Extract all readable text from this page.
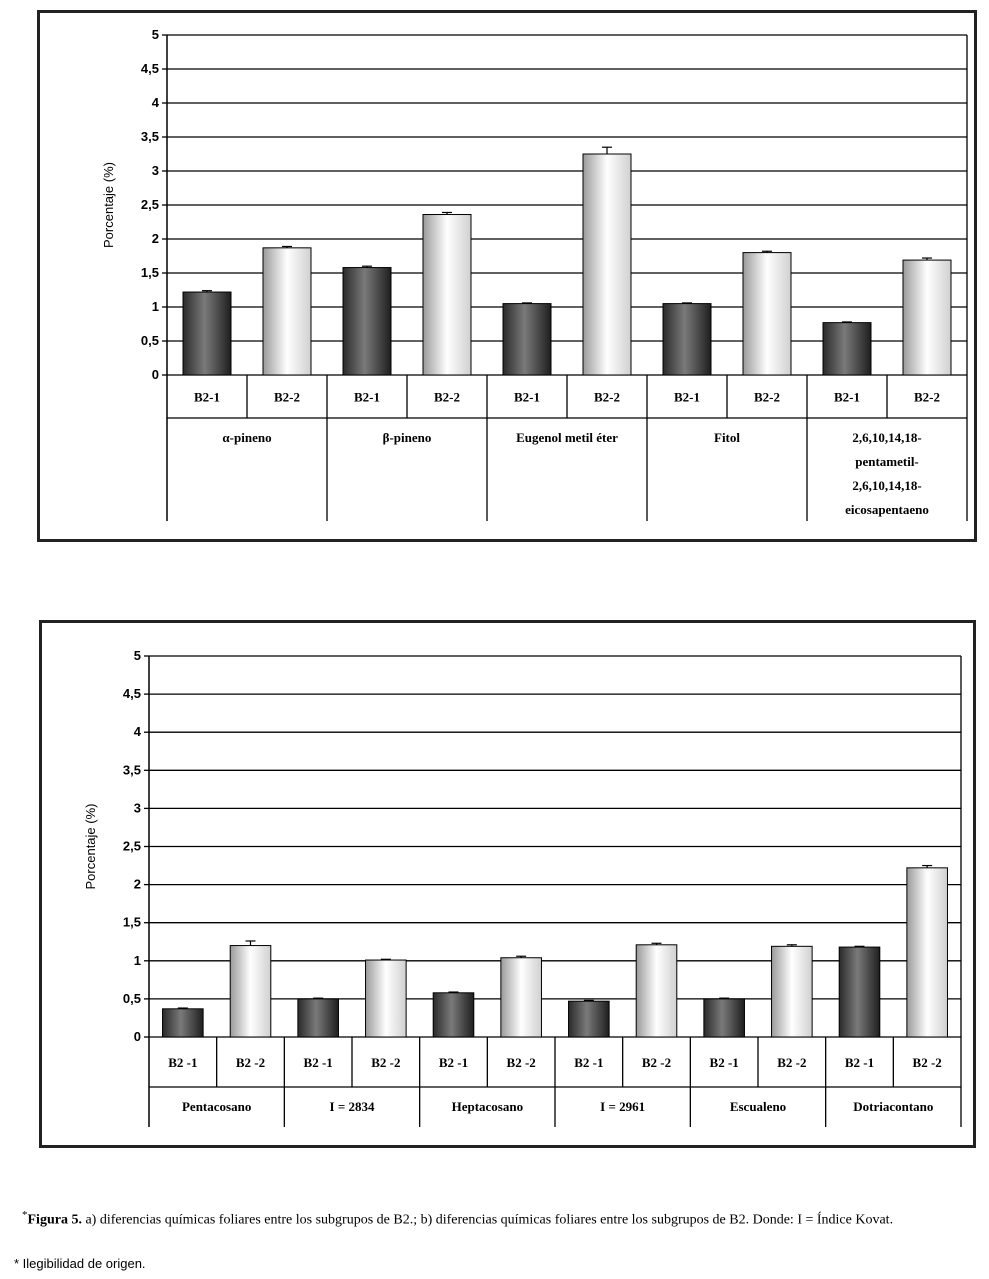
0
0,5
1
1,5
2
2,5
3
3,5
4
4,5
5
Porcentaje (%)
B2-1	B2-2
α-pineno
B2-1	B2-2
β-pineno
B2-1	B2-2
Eugenol metil éter
B2-1	B2-2
Fitol
B2-1	B2-2
2,6,10,14,18-pentametil-2,6,10,14,18-eicosapentaeno
0
0,5
1
1,5
2
2,5
3
3,5
4
4,5
5
Porcentaje (%)
B2 -1	B2 -2
Pentacosano
B2 -1	B2 -2
I = 2834
B2 -1	B2 -2
Heptacosano
B2 -1	B2 -2
I = 2961
B2 -1	B2 -2
Escualeno
B2 -1	B2 -2
Dotriacontano
*Figura 5. a) diferencias químicas foliares entre los subgrupos de B2.; b) diferencias químicas foliares entre los subgrupos de B2. Donde: I = Índice Kovat.
* Ilegibilidad de origen.
